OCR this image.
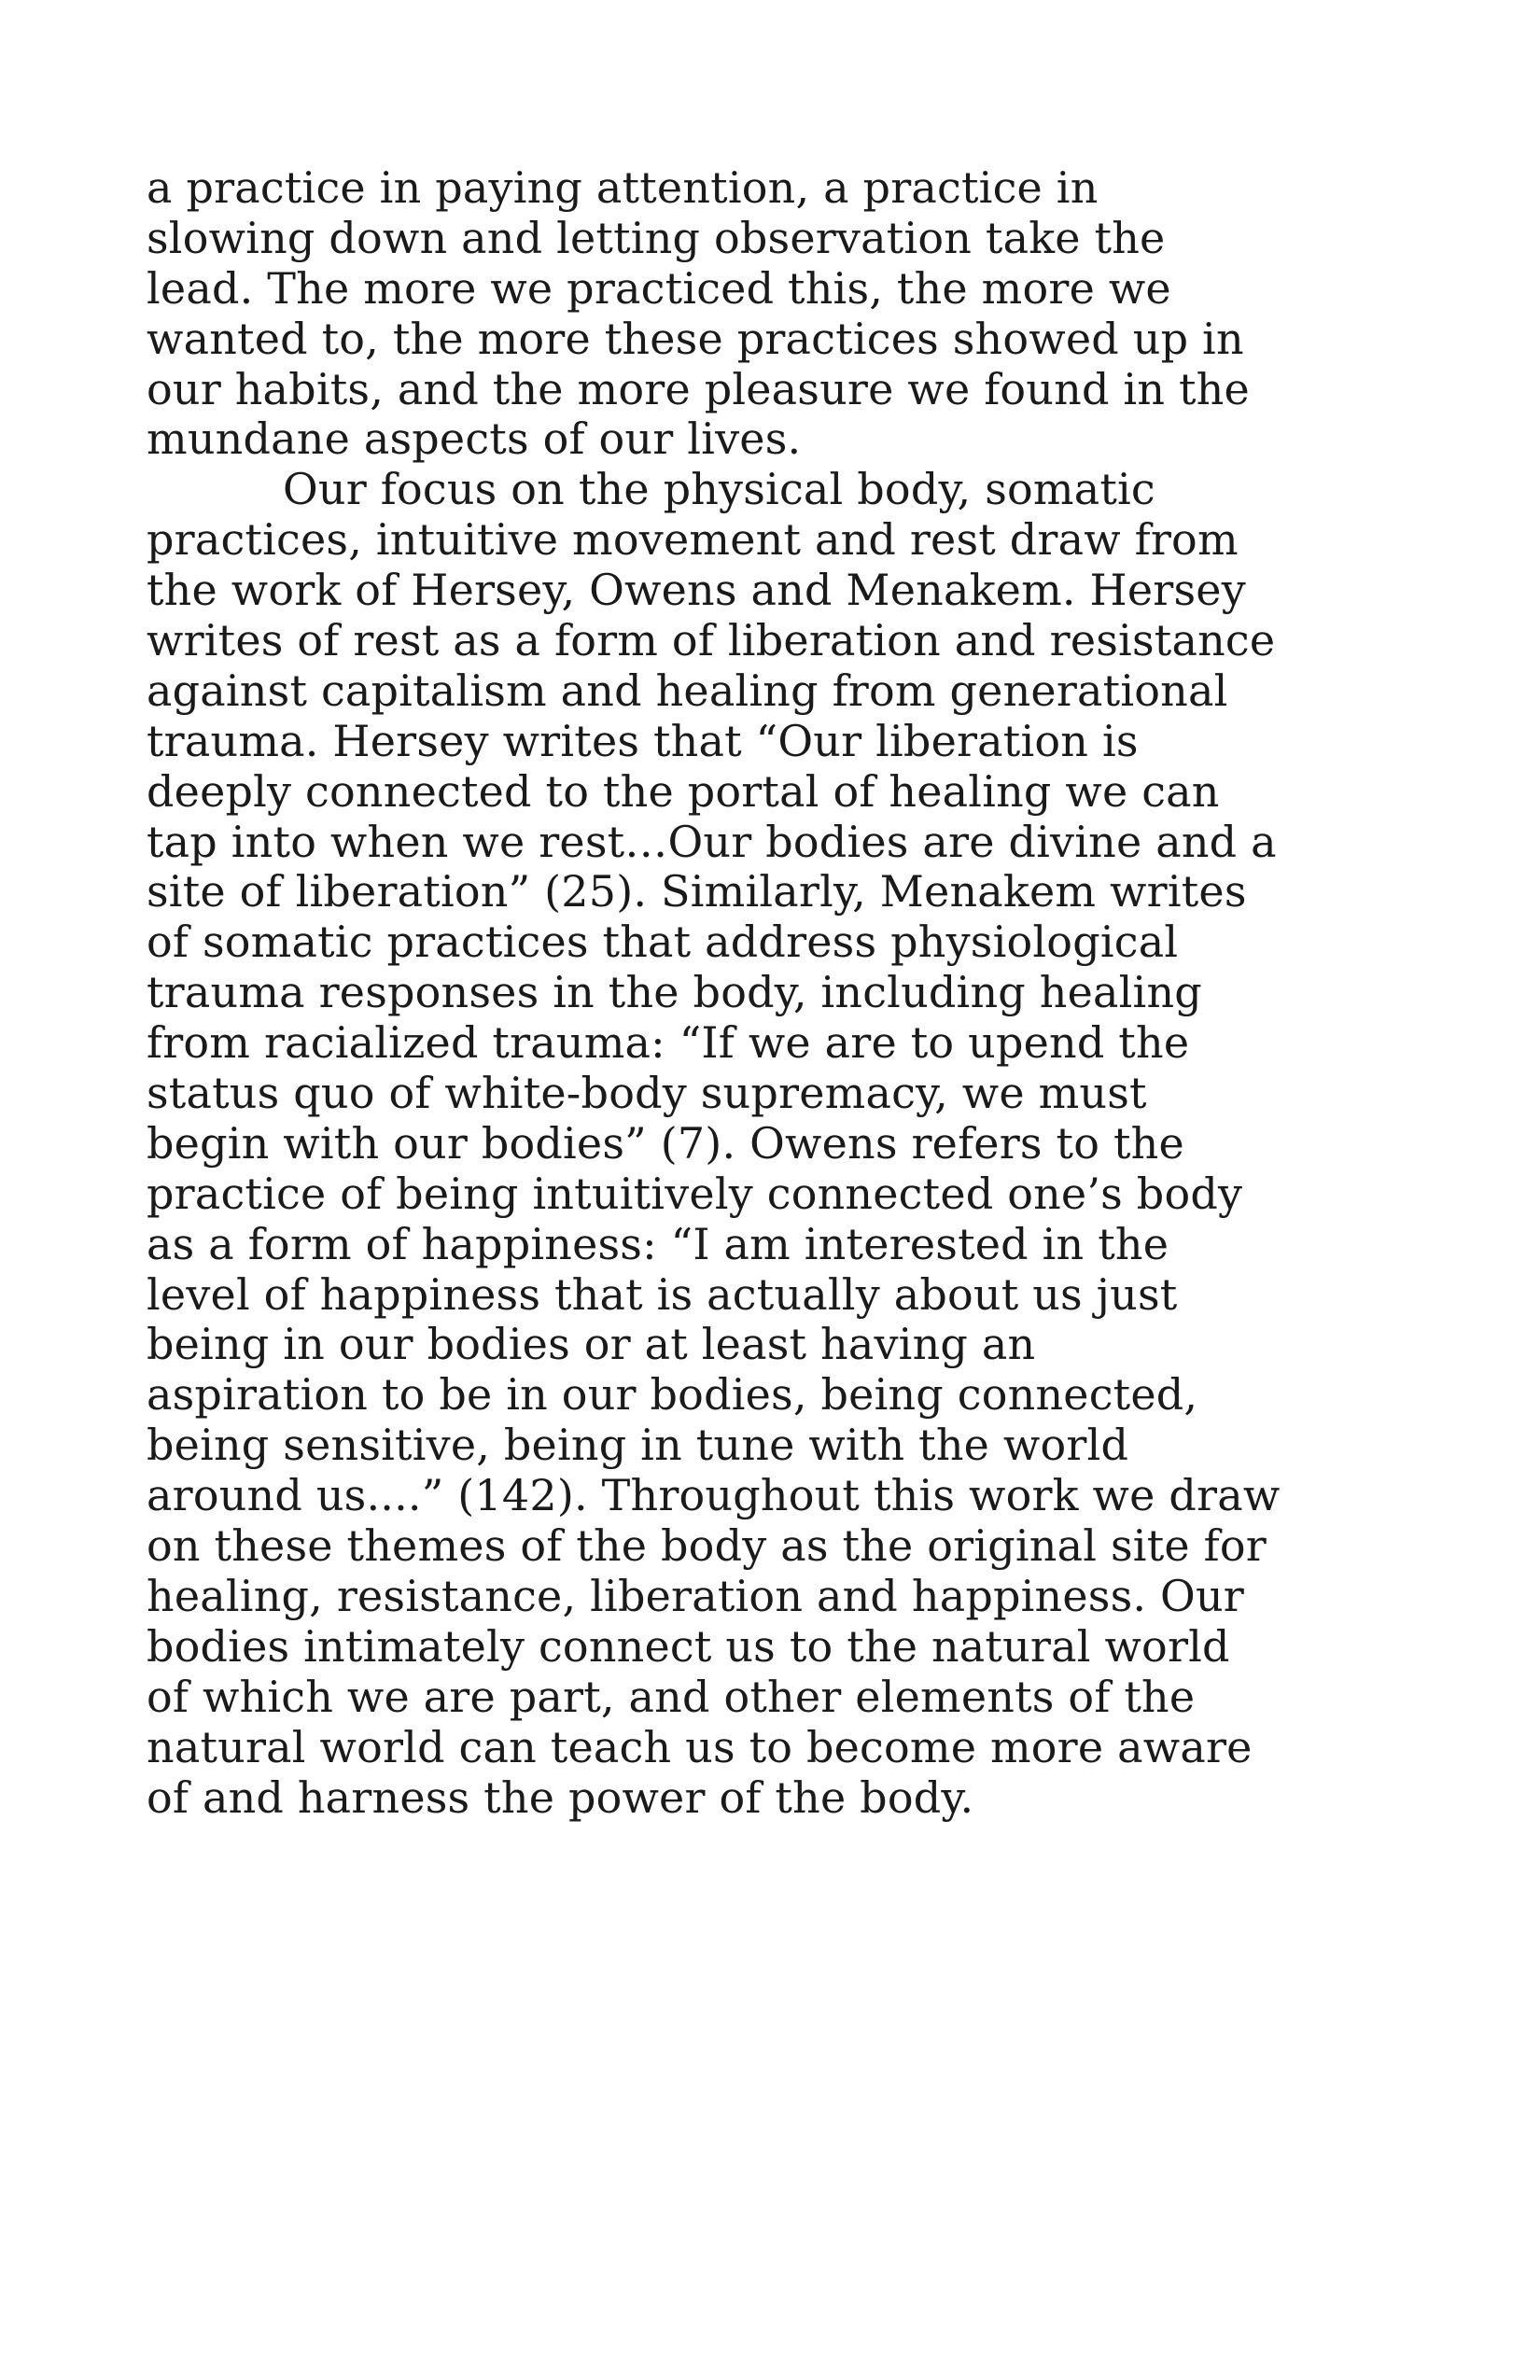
a practice in paying attention, a practice in
slowing down and letting observation take the
lead. The more we practiced this, the more we
wanted to, the more these practices showed up in
our habits, and the more pleasure we found in the
mundane aspects of our lives.
Our focus on the physical body, somatic
practices, intuitive movement and rest draw from
the work of Hersey, Owens and Menakem. Hersey
writes of rest as a form of liberation and resistance
against capitalism and healing from generational
trauma. Hersey writes that “Our liberation is
deeply connected to the portal of healing we can
tap into when we rest…Our bodies are divine and a
site of liberation” (25). Similarly, Menakem writes
of somatic practices that address physiological
trauma responses in the body, including healing
from racialized trauma: “If we are to upend the
status quo of white-body supremacy, we must
begin with our bodies” (7). Owens refers to the
practice of being intuitively connected one’s body
as a form of happiness: “I am interested in the
level of happiness that is actually about us just
being in our bodies or at least having an
aspiration to be in our bodies, being connected,
being sensitive, being in tune with the world
around us....” (142). Throughout this work we draw
on these themes of the body as the original site for
healing, resistance, liberation and happiness. Our
bodies intimately connect us to the natural world
of which we are part, and other elements of the
natural world can teach us to become more aware
of and harness the power of the body.
